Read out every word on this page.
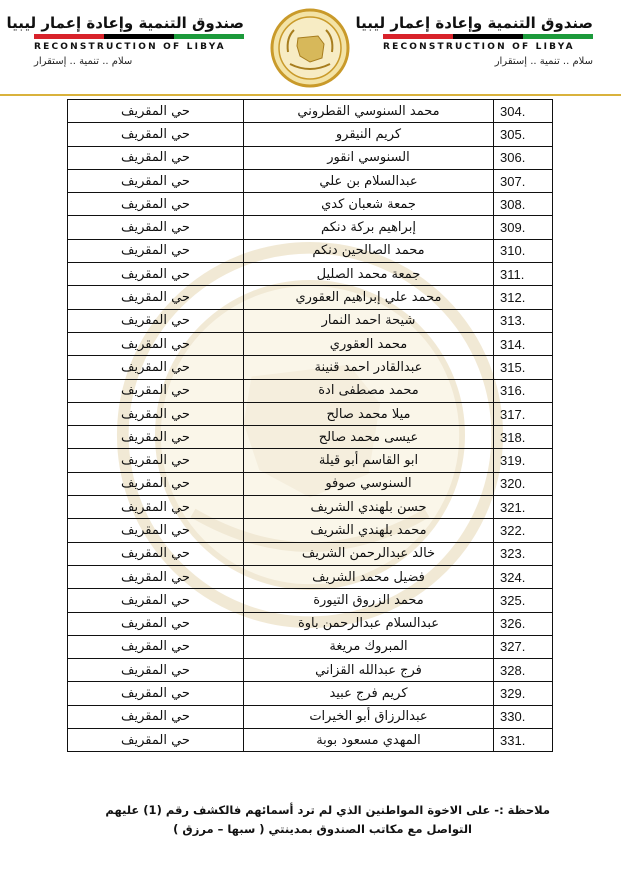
صندوق التنمية وإعادة إعمار ليبيا
RECONSTRUCTION OF LIBYA
سلام .. تنمية .. إستقرار
صندوق التنمية وإعادة إعمار ليبيا
RECONSTRUCTION OF LIBYA
سلام .. تنمية .. إستقرار
حي المقريف	محمد السنوسي القطروني	304.
حي المقريف	كريم النيقرو	305.
حي المقريف	السنوسي انقور	306.
حي المقريف	عبدالسلام بن علي	307.
حي المقريف	جمعة شعبان كدي	308.
حي المقريف	إبراهيم بركة دنكم	309.
حي المقريف	محمد الصالحين دنكم	310.
حي المقريف	جمعة محمد الصليل	311.
حي المقريف	محمد علي إبراهيم العقوري	312.
حي المقريف	شيحة احمد النمار	313.
حي المقريف	محمد العقوري	314.
حي المقريف	عبدالقادر احمد قنينة	315.
حي المقريف	محمد مصطفى ادة	316.
حي المقريف	ميلا محمد صالح	317.
حي المقريف	عيسى محمد صالح	318.
حي المقريف	ابو القاسم أبو قيلة	319.
حي المقريف	السنوسي صوفو	320.
حي المقريف	حسن بلهندي الشريف	321.
حي المقريف	محمد بلهندي الشريف	322.
حي المقريف	خالد عبدالرحمن الشريف	323.
حي المقريف	فضيل محمد الشريف	324.
حي المقريف	محمد الزروق التيورة	325.
حي المقريف	عبدالسلام عبدالرحمن باوة	326.
حي المقريف	المبروك مريغة	327.
حي المقريف	فرج عبدالله القزاني	328.
حي المقريف	كريم فرج عبيد	329.
حي المقريف	عبدالرزاق أبو الخيرات	330.
حي المقريف	المهدي مسعود بوبة	331.
ملاحظة :- على الاخوة المواطنين الذي لم ترد أسمائهم فالكشف رقم (1) عليهم
التواصل مع مكاتب الصندوق بمدينتي ( سبها – مرزق )
